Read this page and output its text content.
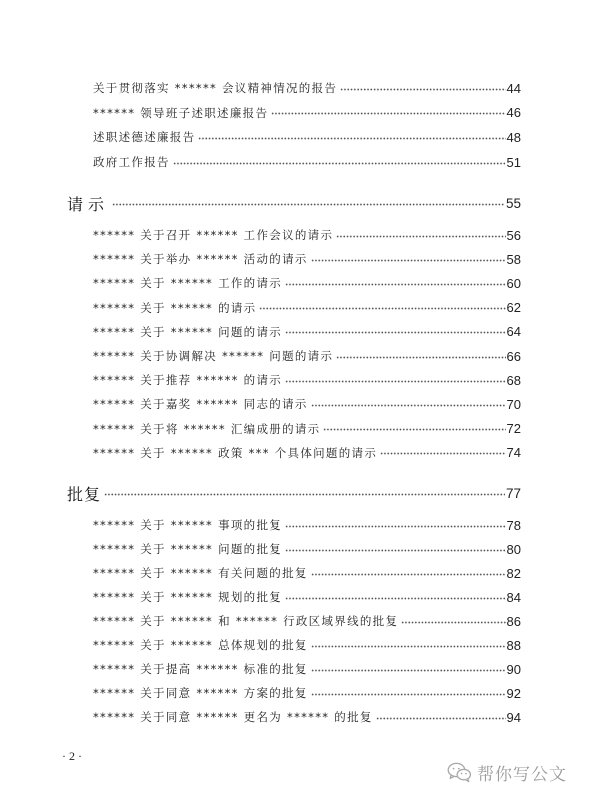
关于贯彻落实 ****** 会议精神情况的报告	44
****** 领导班子述职述廉报告	46
述职述德述廉报告	48
政府工作报告	51
请示	55
****** 关于召开 ****** 工作会议的请示	56
****** 关于举办 ****** 活动的请示	58
****** 关于 ****** 工作的请示	60
****** 关于 ****** 的请示	62
****** 关于 ****** 问题的请示	64
****** 关于协调解决 ****** 问题的请示	66
****** 关于推荐 ****** 的请示	68
****** 关于嘉奖 ****** 同志的请示	70
****** 关于将 ****** 汇编成册的请示	72
****** 关于 ****** 政策 *** 个具体问题的请示	74
批复	77
****** 关于 ****** 事项的批复	78
****** 关于 ****** 问题的批复	80
****** 关于 ****** 有关问题的批复	82
****** 关于 ****** 规划的批复	84
****** 关于 ****** 和 ****** 行政区域界线的批复	86
****** 关于 ****** 总体规划的批复	88
****** 关于提高 ****** 标准的批复	90
****** 关于同意 ****** 方案的批复	92
****** 关于同意 ****** 更名为 ****** 的批复	94
· 2 ·
帮你写公文
